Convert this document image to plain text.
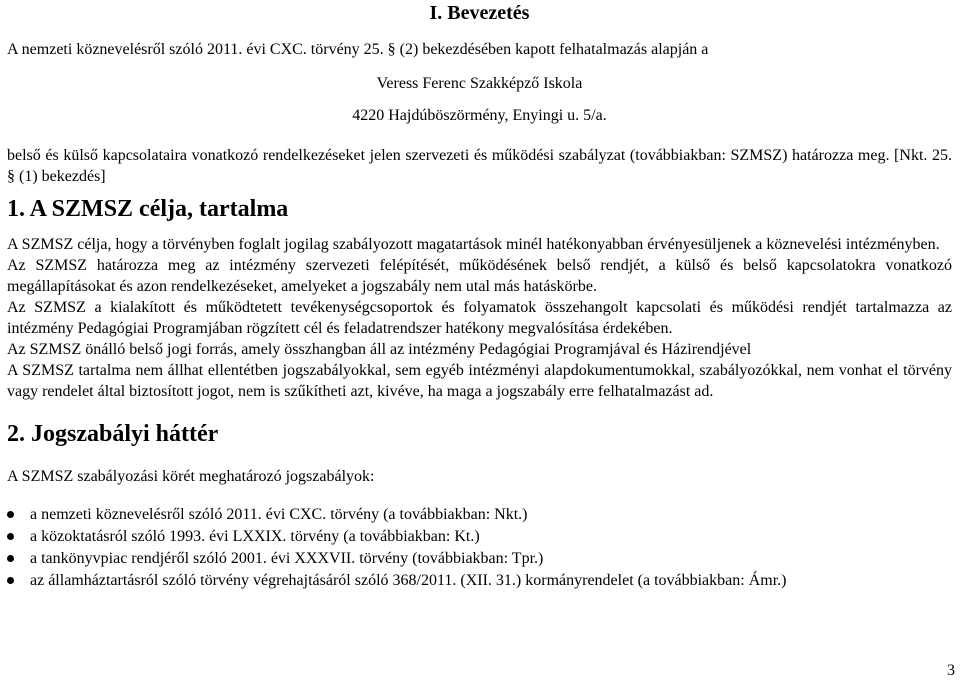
I. Bevezetés

A nemzeti köznevelésről szóló 2011. évi CXC. törvény 25. § (2) bekezdésében kapott felhatalmazás alapján a

Veress Ferenc Szakképző Iskola

4220 Hajdúböszörmény, Enyingi u. 5/a.

belső és külső kapcsolataira vonatkozó rendelkezéseket jelen szervezeti és működési szabályzat (továbbiakban: SZMSZ) határozza meg. [Nkt. 25. § (1) bekezdés]

1. A SZMSZ célja, tartalma

A SZMSZ célja, hogy a törvényben foglalt jogilag szabályozott magatartások minél hatékonyabban érvényesüljenek a köznevelési intézményben.

Az SZMSZ határozza meg az intézmény szervezeti felépítését, működésének belső rendjét, a külső és belső kapcsolatokra vonatkozó megállapításokat és azon rendelkezéseket, amelyeket a jogszabály nem utal más hatáskörbe.

Az SZMSZ a kialakított és működtetett tevékenységcsoportok és folyamatok összehangolt kapcsolati és működési rendjét tartalmazza az intézmény Pedagógiai Programjában rögzített cél és feladatrendszer hatékony megvalósítása érdekében.

Az SZMSZ önálló belső jogi forrás, amely összhangban áll az intézmény Pedagógiai Programjával és Házirendjével

A SZMSZ tartalma nem állhat ellentétben jogszabályokkal, sem egyéb intézményi alapdokumentumokkal, szabályozókkal, nem vonhat el törvény vagy rendelet által biztosított jogot, nem is szűkítheti azt, kivéve, ha maga a jogszabály erre felhatalmazást ad.

2. Jogszabályi háttér

A SZMSZ szabályozási körét meghatározó jogszabályok:

a nemzeti köznevelésről szóló 2011. évi CXC. törvény (a továbbiakban: Nkt.)
a közoktatásról szóló 1993. évi LXXIX. törvény (a továbbiakban: Kt.)
a tankönyvpiac rendjéről szóló 2001. évi XXXVII. törvény (továbbiakban: Tpr.)
az államháztartásról szóló törvény végrehajtásáról szóló 368/2011. (XII. 31.) kormányrendelet (a továbbiakban: Ámr.)
3
